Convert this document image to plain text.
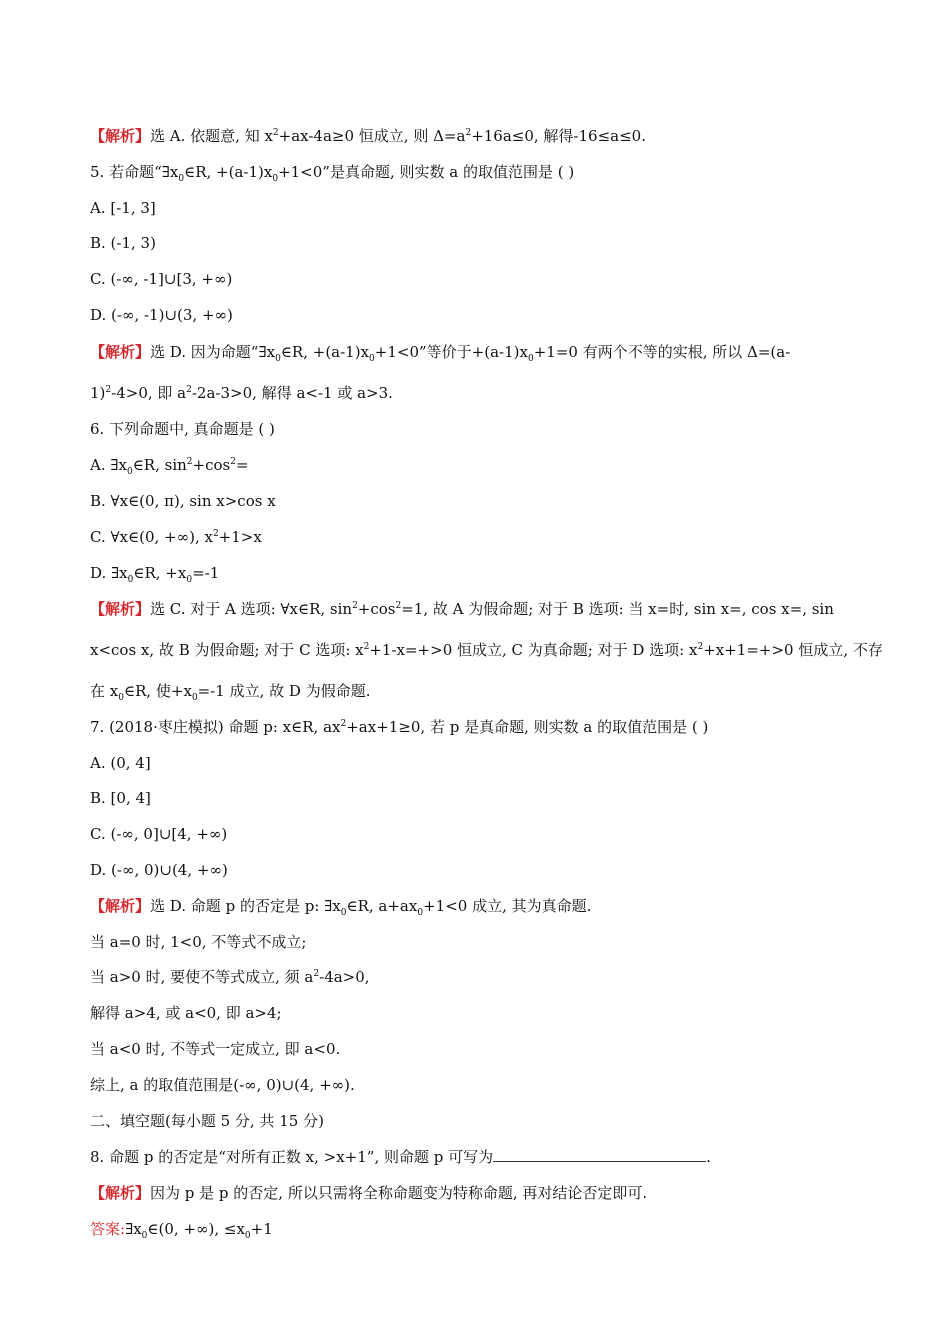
【解析】选 A. 依题意, 知 $x^2+ax-4a\ge 0$ 恒成立, 则 $\Delta=a^2+16a\le 0$, 解得-16≤a≤0.
5. 若命题“$\exists x_0\in R$, $+(a-1)x_0+1<0$”是真命题, 则实数 a 的取值范围是 ( )
A. [-1, 3]
B. (-1, 3)
C. (-∞, -1]∪[3, +∞)
D. (-∞, -1)∪(3, +∞)
【解析】选 D. 因为命题“$\exists x_0\in R$, $+(a-1)x_0+1<0$”等价于$+(a-1)x_0+1=0$ 有两个不等的实根, 所以 Δ=(a-
1)$^2$-4>0, 即 $a^2-2a-3>0$, 解得 a<-1 或 a>3.
6. 下列命题中, 真命题是 ( )
A. $\exists x_0\in R$, $\sin^2+\cos^2=$
B. ∀x∈(0, π), sin x>cos x
C. ∀x∈(0, +∞), $x^2+1>x$
D. $\exists x_0\in R$, $+x_0=-1$
【解析】选 C. 对于 A 选项: ∀x∈R, $\sin^2+\cos^2=1$, 故 A 为假命题; 对于 B 选项: 当 x=时, sin x=, cos x=, sin
x<cos x, 故 B 为假命题; 对于 C 选项: $x^2+1-x=+>0$ 恒成立, C 为真命题; 对于 D 选项: $x^2+x+1=+>0$ 恒成立, 不存
在 $x_0\in R$, 使$+x_0=-1$ 成立, 故 D 为假命题.
7. (2018·枣庄模拟) 命题 p: x∈R, $ax^2+ax+1\ge 0$, 若 p 是真命题, 则实数 a 的取值范围是 ( )
A. (0, 4]
B. [0, 4]
C. (-∞, 0]∪[4, +∞)
D. (-∞, 0)∪(4, +∞)
【解析】选 D. 命题 p 的否定是 p: $\exists x_0\in R$, $a+ax_0+1<0$ 成立, 其为真命题.
当 a=0 时, 1<0, 不等式不成立;
当 a>0 时, 要使不等式成立, 须 $a^2-4a>0$,
解得 a>4, 或 a<0, 即 a>4;
当 a<0 时, 不等式一定成立, 即 a<0.
综上, a 的取值范围是(-∞, 0)∪(4, +∞).
二、填空题(每小题 5 分, 共 15 分)
8. 命题 p 的否定是“对所有正数 x, >x+1”, 则命题 p 可写为	.
【解析】因为 p 是 p 的否定, 所以只需将全称命题变为特称命题, 再对结论否定即可.
答案$:\exists x_0\in(0$, +∞), $\le x_0+1$
